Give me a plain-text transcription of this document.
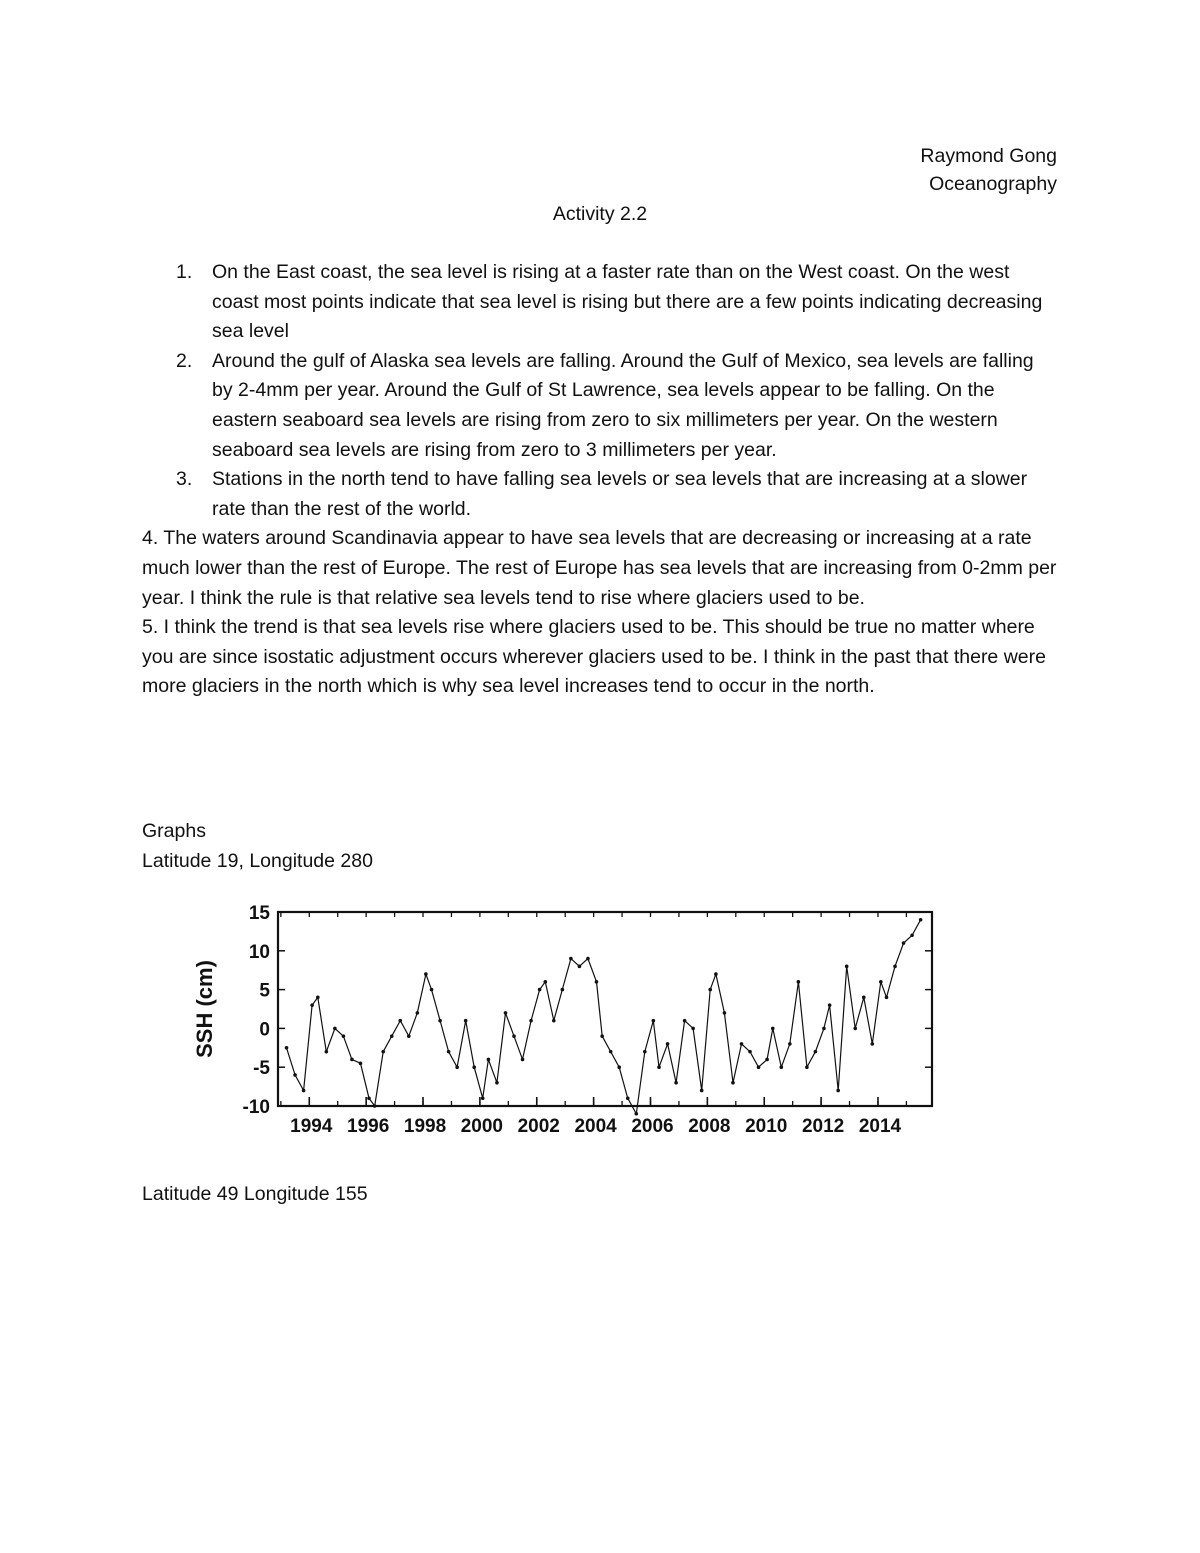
Raymond Gong
Oceanography
Activity 2.2
1. On the East coast, the sea level is rising at a faster rate than on the West coast. On the west coast most points indicate that sea level is rising but there are a few points indicating decreasing sea level
2. Around the gulf of Alaska sea levels are falling. Around the Gulf of Mexico, sea levels are falling by 2-4mm per year. Around the Gulf of St Lawrence, sea levels appear to be falling. On the eastern seaboard sea levels are rising from zero to six millimeters per year. On the western seaboard sea levels are rising from zero to 3 millimeters per year.
3. Stations in the north tend to have falling sea levels or sea levels that are increasing at a slower rate than the rest of the world.
4. The waters around Scandinavia appear to have sea levels that are decreasing or increasing at a rate much lower than the rest of Europe. The rest of Europe has sea levels that are increasing from 0-2mm per year. I think the rule is that relative sea levels tend to rise where glaciers used to be.
5. I think the trend is that sea levels rise where glaciers used to be. This should be true no matter where you are since isostatic adjustment occurs wherever glaciers used to be. I think in the past that there were more glaciers in the north which is why sea level increases tend to occur in the north.
Graphs
Latitude 19, Longitude 280
-10
-5
0
5
10
15
1994 1996 1998 2000 2002 2004 2006 2008 2010 2012 2014
SSH (cm)
Latitude 49 Longitude 155
